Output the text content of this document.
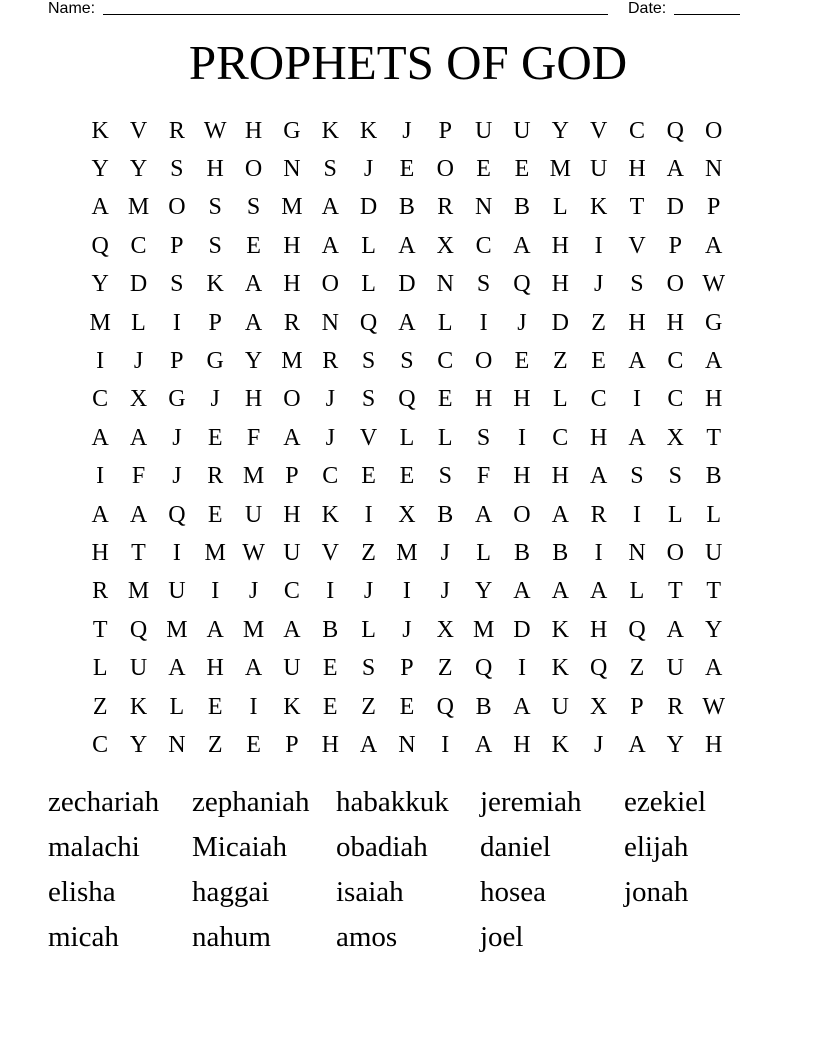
Name:	Date:
PROPHETS OF GOD
K V R W H G K K	J	P U U Y V C Q O
Y Y S H O N S	J	E O E E M U H A N
A M O S	S M A D B R N B L K T D P
Q C P	S	E H A L A X C A H	I	V P A
Y D S K A H O L D N S Q H	J	S O W
M L	I	P A R N Q A L	I	J	D Z H H G
I	J	P G Y M R S	S C O E Z E A C A
C X G	J	H O	J	S Q E H H L C	I	C H
A A	J	E	F A	J	V L L	S	I	C H A X T
I	F	J	R M P C E E	S	F H H A S	S B
A A Q E U H K	I	X B A O A R	I	L L
H T	I M W U V Z M J	L B B	I	N O U
R M U	I	J	C	I	J	I	J	Y A A A L T T
T Q M A M A B L	J	X M D K H Q A Y
L U A H A U E	S	P	Z Q	I	K Q Z U A
Z K L E	I	K E Z E Q B A U X P R W
C Y N Z E	P H A N	I	A H K	J	A Y H
zechariah	zephaniah habakkuk	jeremiah	ezekiel
malachi	Micaiah	obadiah	daniel	elijah
elisha	haggai	isaiah	hosea	jonah
micah	nahum	amos	joel
